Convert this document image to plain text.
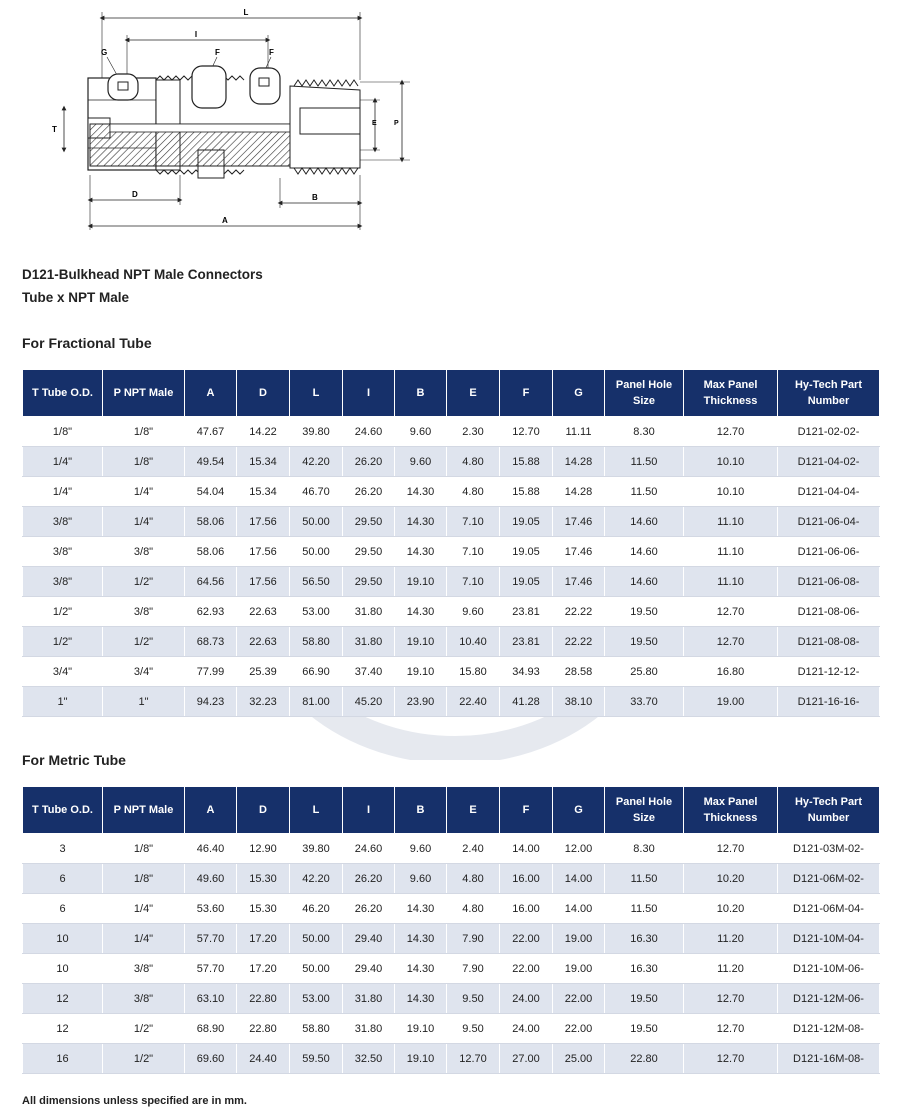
L
I
G	F	F
T
E P
D	B
A
D121-Bulkhead NPT Male Connectors
Tube x NPT Male
For Fractional Tube
T Tube O.D.	P NPT Male	A	D	L	I	B	E	F	G	Panel Hole
Size	Max Panel
Thickness	Hy-Tech Part
Number
1/8"	1/8"	47.67	14.22	39.80	24.60	9.60	2.30	12.70	11.11	8.30	12.70	D121-02-02-
1/4"	1/8"	49.54	15.34	42.20	26.20	9.60	4.80	15.88	14.28	11.50	10.10	D121-04-02-
1/4"	1/4"	54.04	15.34	46.70	26.20	14.30	4.80	15.88	14.28	11.50	10.10	D121-04-04-
3/8"	1/4"	58.06	17.56	50.00	29.50	14.30	7.10	19.05	17.46	14.60	11.10	D121-06-04-
3/8"	3/8"	58.06	17.56	50.00	29.50	14.30	7.10	19.05	17.46	14.60	11.10	D121-06-06-
3/8"	1/2"	64.56	17.56	56.50	29.50	19.10	7.10	19.05	17.46	14.60	11.10	D121-06-08-
1/2"	3/8"	62.93	22.63	53.00	31.80	14.30	9.60	23.81	22.22	19.50	12.70	D121-08-06-
1/2"	1/2"	68.73	22.63	58.80	31.80	19.10	10.40	23.81	22.22	19.50	12.70	D121-08-08-
3/4"	3/4"	77.99	25.39	66.90	37.40	19.10	15.80	34.93	28.58	25.80	16.80	D121-12-12-
1"	1"	94.23	32.23	81.00	45.20	23.90	22.40	41.28	38.10	33.70	19.00	D121-16-16-
For Metric Tube
T Tube O.D.	P NPT Male	A	D	L	I	B	E	F	G	Panel Hole
Size	Max Panel
Thickness	Hy-Tech Part
Number
3	1/8"	46.40	12.90	39.80	24.60	9.60	2.40	14.00	12.00	8.30	12.70	D121-03M-02-
6	1/8"	49.60	15.30	42.20	26.20	9.60	4.80	16.00	14.00	11.50	10.20	D121-06M-02-
6	1/4"	53.60	15.30	46.20	26.20	14.30	4.80	16.00	14.00	11.50	10.20	D121-06M-04-
10	1/4"	57.70	17.20	50.00	29.40	14.30	7.90	22.00	19.00	16.30	11.20	D121-10M-04-
10	3/8"	57.70	17.20	50.00	29.40	14.30	7.90	22.00	19.00	16.30	11.20	D121-10M-06-
12	3/8"	63.10	22.80	53.00	31.80	14.30	9.50	24.00	22.00	19.50	12.70	D121-12M-06-
12	1/2"	68.90	22.80	58.80	31.80	19.10	9.50	24.00	22.00	19.50	12.70	D121-12M-08-
16	1/2"	69.60	24.40	59.50	32.50	19.10	12.70	27.00	25.00	22.80	12.70	D121-16M-08-
All dimensions unless specified are in mm.
